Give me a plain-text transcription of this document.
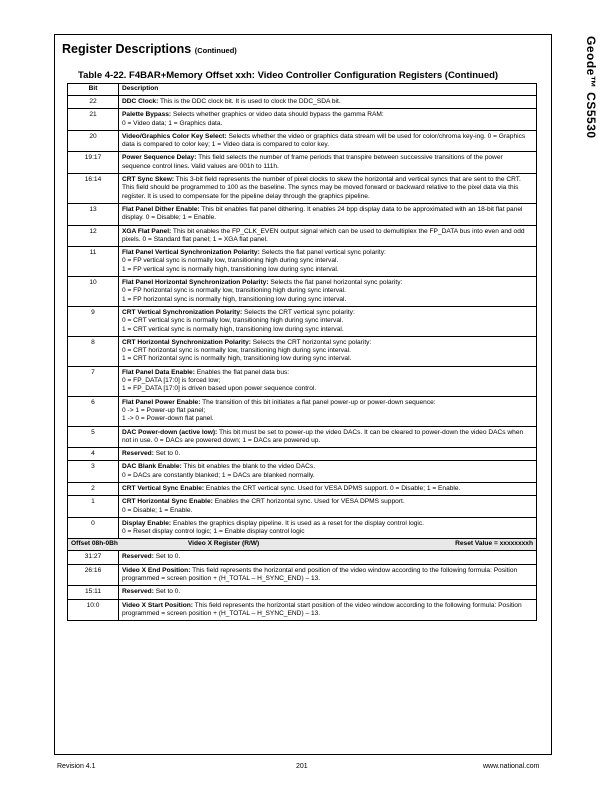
Geode™ CS5530
Register Descriptions (Continued)
Table 4-22. F4BAR+Memory Offset xxh: Video Controller Configuration Registers (Continued)
Bit	Description
22	DDC Clock: This is the DDC clock bit. It is used to clock the DDC_SDA bit.
21	Palette Bypass: Selects whether graphics or video data should bypass the gamma RAM:
0 = Video data; 1 = Graphics data.

20	Video/Graphics Color Key Select: Selects whether the video or graphics data stream will be used for color/chroma key-ing. 0 = Graphics data is compared to color key; 1 = Video data is compared to color key.
19:17	Power Sequence Delay: This field selects the number of frame periods that transpire between successive transitions of the power sequence control lines. Valid values are 001h to 111h.
16:14	CRT Sync Skew: This 3-bit field represents the number of pixel clocks to skew the horizontal and vertical syncs that are sent to the CRT. This field should be programmed to 100 as the baseline. The syncs may be moved forward or backward relative to the pixel data via this register. It is used to compensate for the pipeline delay through the graphics pipeline.
13	Flat Panel Dither Enable: This bit enables flat panel dithering. It enables 24 bpp display data to be approximated with an 18-bit flat panel display. 0 = Disable; 1 = Enable.
12	XGA Flat Panel: This bit enables the FP_CLK_EVEN output signal which can be used to demultiplex the FP_DATA bus into even and odd pixels. 0 = Standard flat panel; 1 = XGA flat panel.
11	Flat Panel Vertical Synchronization Polarity: Selects the flat panel vertical sync polarity:
0 = FP vertical sync is normally low, transitioning high during sync interval.
1 = FP vertical sync is normally high, transitioning low during sync interval.

10	Flat Panel Horizontal Synchronization Polarity: Selects the flat panel horizontal sync polarity:
0 = FP horizontal sync is normally low, transitioning high during sync interval.
1 = FP horizontal sync is normally high, transitioning low during sync interval.

9	CRT Vertical Synchronization Polarity: Selects the CRT vertical sync polarity:
0 = CRT vertical sync is normally low, transitioning high during sync interval.
1 = CRT vertical sync is normally high, transitioning low during sync interval.

8	CRT Horizontal Synchronization Polarity: Selects the CRT horizontal sync polarity:
0 = CRT horizontal sync is normally low, transitioning high during sync interval.
1 = CRT horizontal sync is normally high, transitioning low during sync interval.

7	Flat Panel Data Enable: Enables the flat panel data bus:
0 = FP_DATA [17:0] is forced low;
1 = FP_DATA [17:0] is driven based upon power sequence control.

6	Flat Panel Power Enable: The transition of this bit initiates a flat panel power-up or power-down sequence:
0 -> 1 = Power-up flat panel;
1 -> 0 = Power-down flat panel.

5	DAC Power-down (active low): This bit must be set to power-up the video DACs. It can be cleared to power-down the video DACs when not in use. 0 = DACs are powered down; 1 = DACs are powered up.
4	Reserved: Set to 0.
3	DAC Blank Enable: This bit enables the blank to the video DACs.
0 = DACs are constantly blanked; 1 = DACs are blanked normally.

2	CRT Vertical Sync Enable: Enables the CRT vertical sync. Used for VESA DPMS support. 0 = Disable; 1 = Enable.
1	CRT Horizontal Sync Enable: Enables the CRT horizontal sync. Used for VESA DPMS support.
0 = Disable; 1 = Enable.

0	Display Enable: Enables the graphics display pipeline. It is used as a reset for the display control logic.
0 = Reset display control logic; 1 = Enable display control logic

Offset 08h-0Bh Video X Register (R/W) Reset Value = xxxxxxxxh	

31:27	Reserved: Set to 0.
26:16	Video X End Position: This field represents the horizontal end position of the video window according to the following formula: Position programmed = screen position + (H_TOTAL – H_SYNC_END) – 13.
15:11	Reserved: Set to 0.
10:0	Video X Start Position: This field represents the horizontal start position of the video window according to the following formula: Position programmed = screen position + (H_TOTAL – H_SYNC_END) – 13.
Revision 4.1	201	www.national.com
